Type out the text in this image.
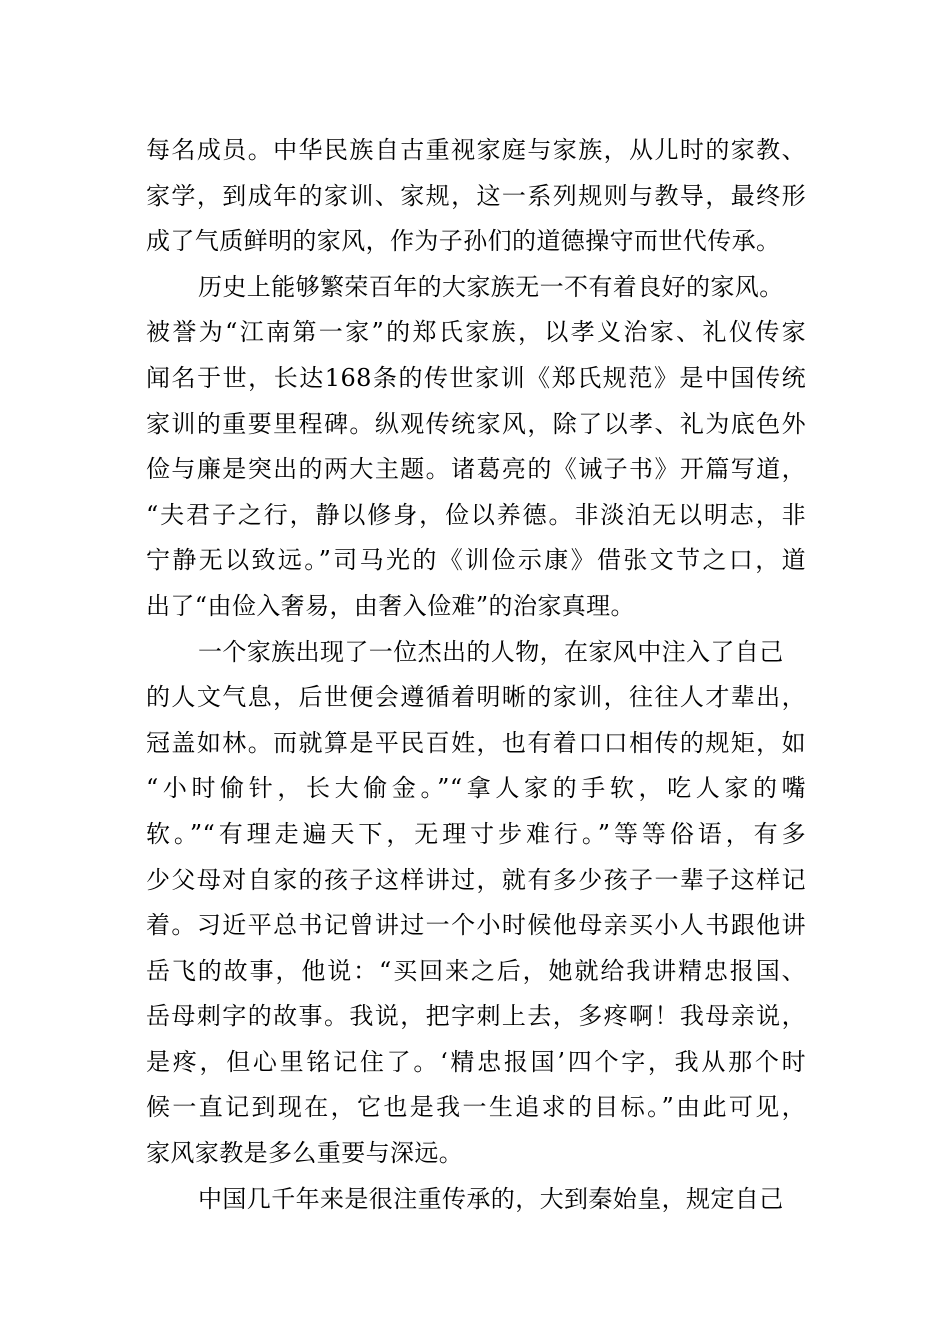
每名成员。中华民族自古重视家庭与家族，从儿时的家教、
家学，到成年的家训、家规，这一系列规则与教导，最终形
成了气质鲜明的家风，作为子孙们的道德操守而世代传承。
历史上能够繁荣百年的大家族无一不有着良好的家风。
被誉为“江南第一家”的郑氏家族，以孝义治家、礼仪传家
闻名于世，长达168条的传世家训《郑氏规范》是中国传统
家训的重要里程碑。纵观传统家风，除了以孝、礼为底色外
俭与廉是突出的两大主题。诸葛亮的《诫子书》开篇写道，
“夫君子之行，静以修身，俭以养德。非淡泊无以明志，非
宁静无以致远。”司马光的《训俭示康》借张文节之口，道
出了“由俭入奢易，由奢入俭难”的治家真理。
一个家族出现了一位杰出的人物，在家风中注入了自己
的人文气息，后世便会遵循着明晰的家训，往往人才辈出，
冠盖如林。而就算是平民百姓，也有着口口相传的规矩，如
“小时偷针，长大偷金。”“拿人家的手软，吃人家的嘴
软。”“有理走遍天下，无理寸步难行。”等等俗语，有多
少父母对自家的孩子这样讲过，就有多少孩子一辈子这样记
着。习近平总书记曾讲过一个小时候他母亲买小人书跟他讲
岳飞的故事，他说：“买回来之后，她就给我讲精忠报国、
岳母刺字的故事。我说，把字刺上去，多疼啊！我母亲说，
是疼，但心里铭记住了。‘精忠报国’四个字，我从那个时
候一直记到现在，它也是我一生追求的目标。”由此可见，
家风家教是多么重要与深远。
中国几千年来是很注重传承的，大到秦始皇，规定自己
